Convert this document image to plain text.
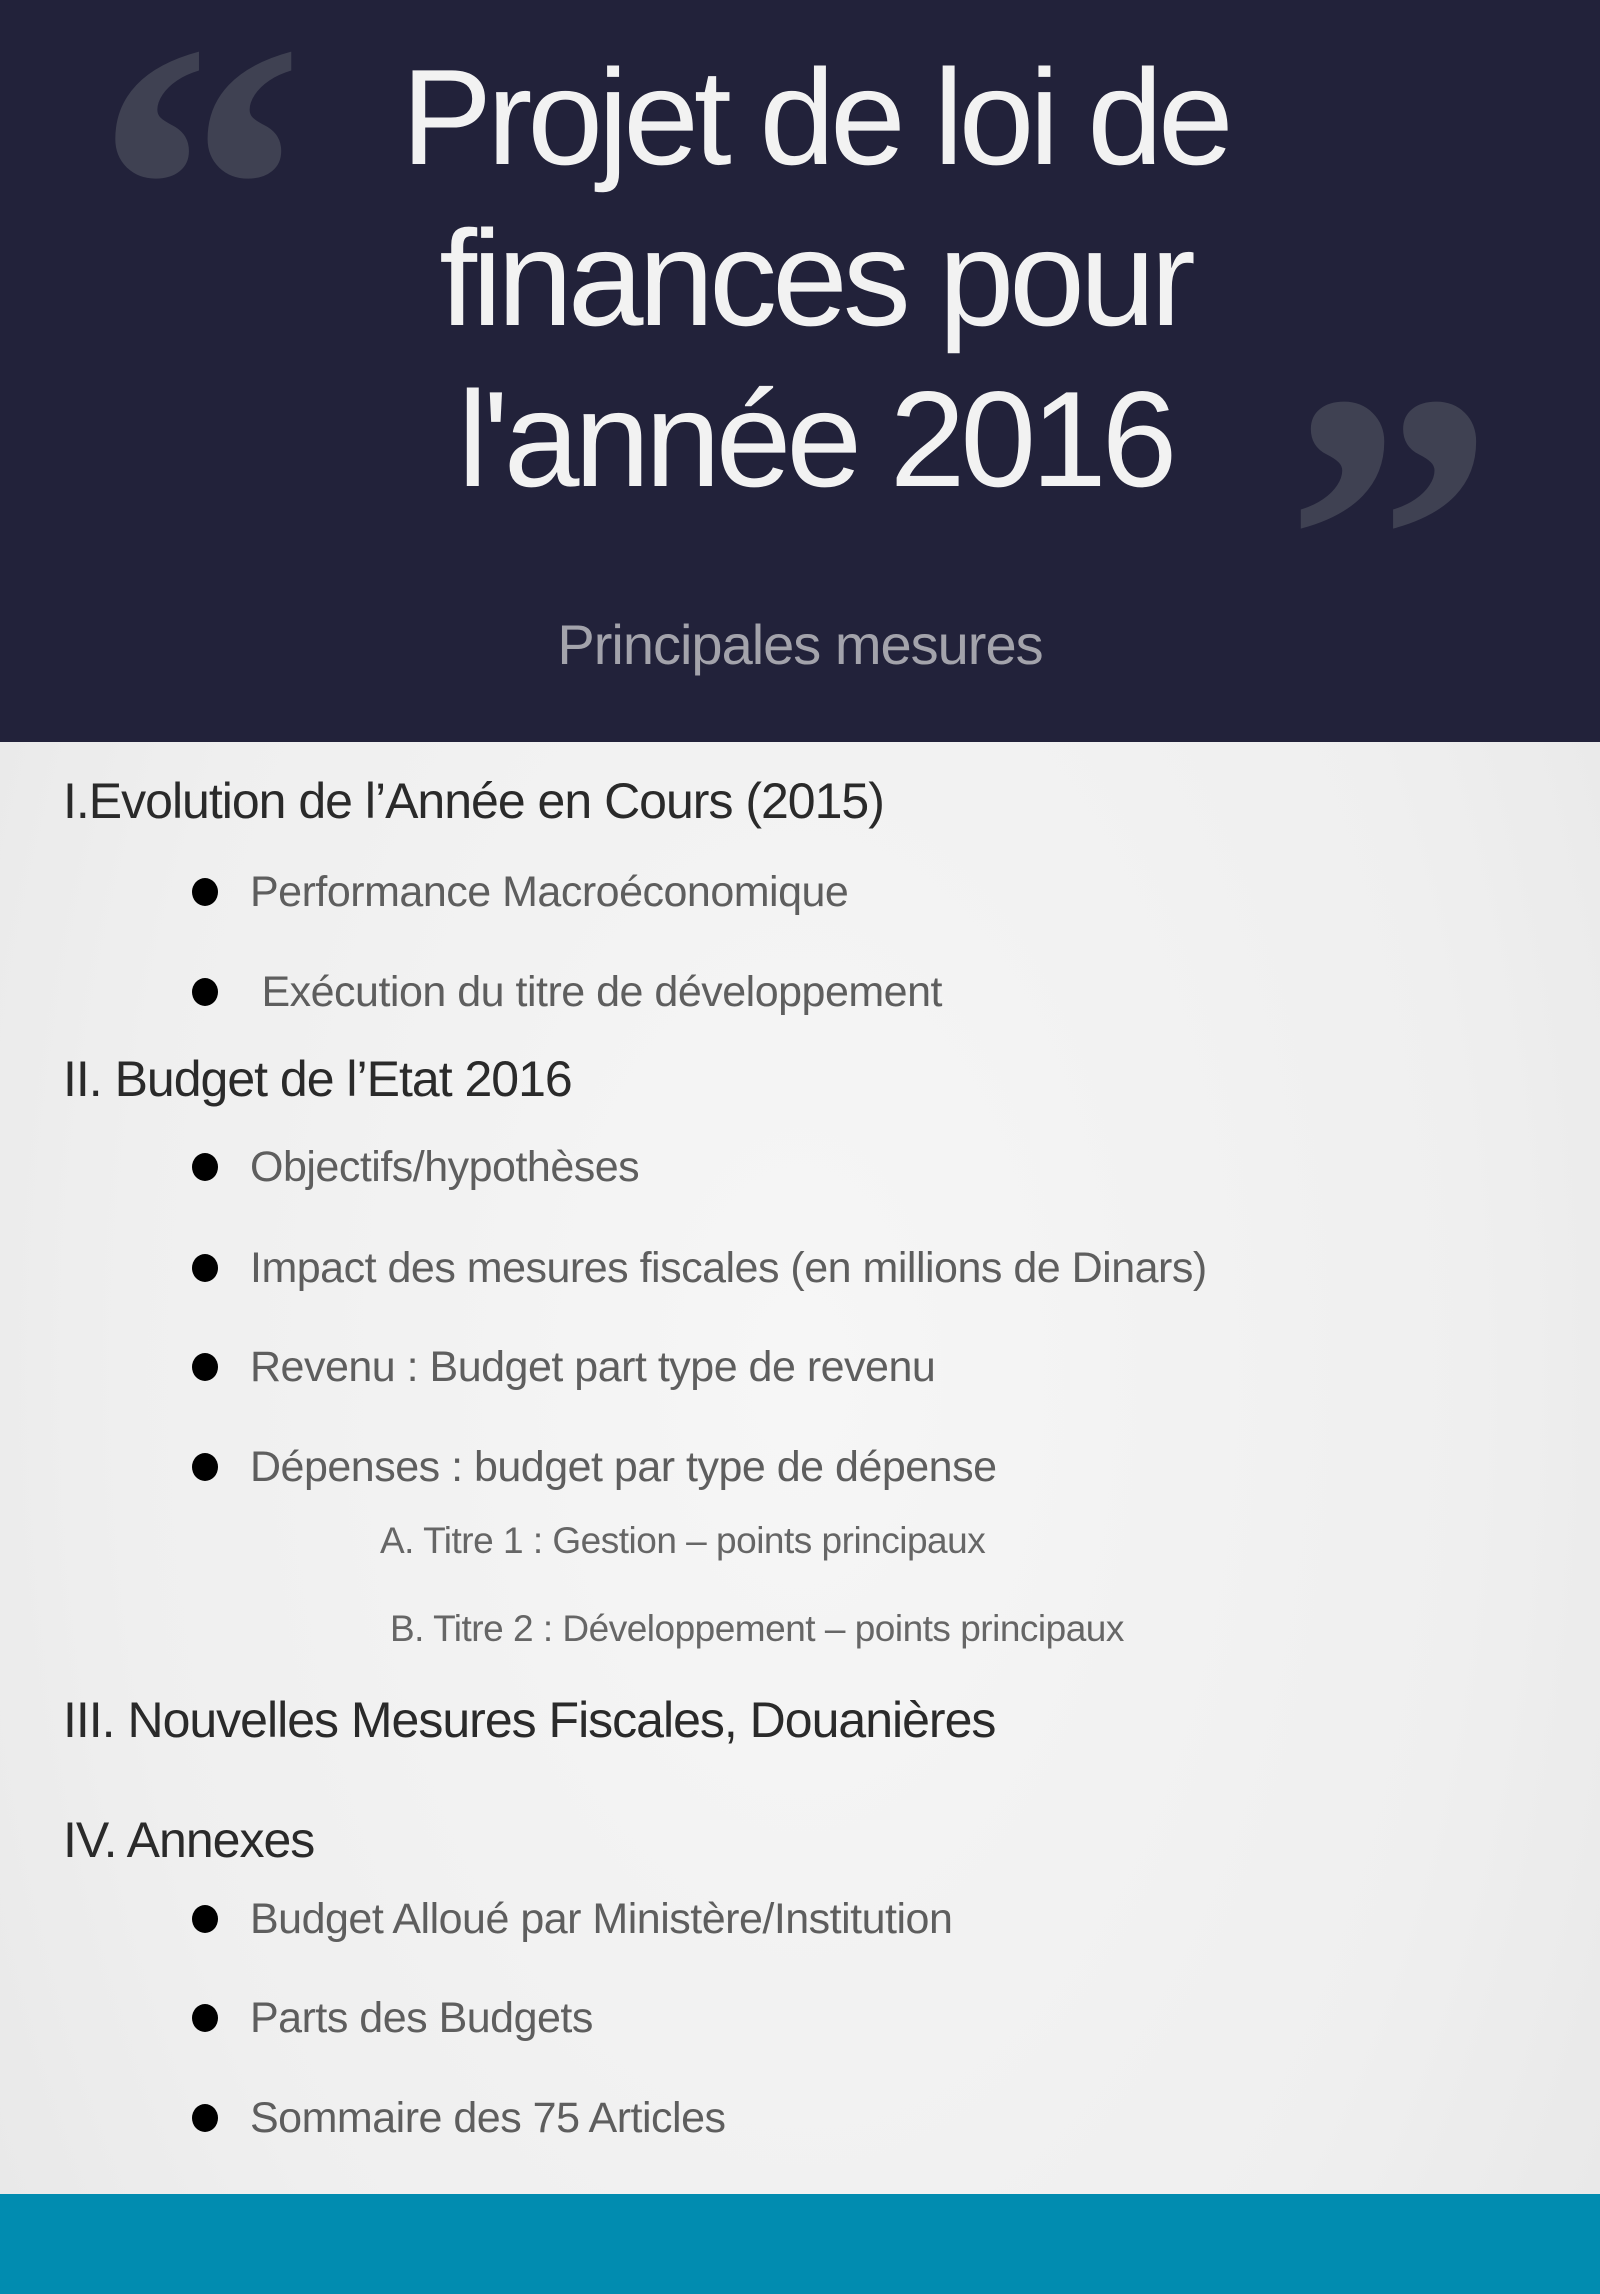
“
”
Projet de loi de
finances pour
l'année 2016
Principales mesures
I.Evolution de l’Année en Cours (2015)
Performance Macroéconomique
Exécution du titre de développement
II. Budget de l’Etat 2016
Objectifs/hypothèses
Impact des mesures fiscales (en millions de Dinars)
Revenu : Budget part type de revenu
Dépenses : budget par type de dépense
A. Titre 1 : Gestion – points principaux
B. Titre 2 : Développement – points principaux
III. Nouvelles Mesures Fiscales, Douanières
IV. Annexes
Budget Alloué par Ministère/Institution
Parts des Budgets
Sommaire des 75 Articles
